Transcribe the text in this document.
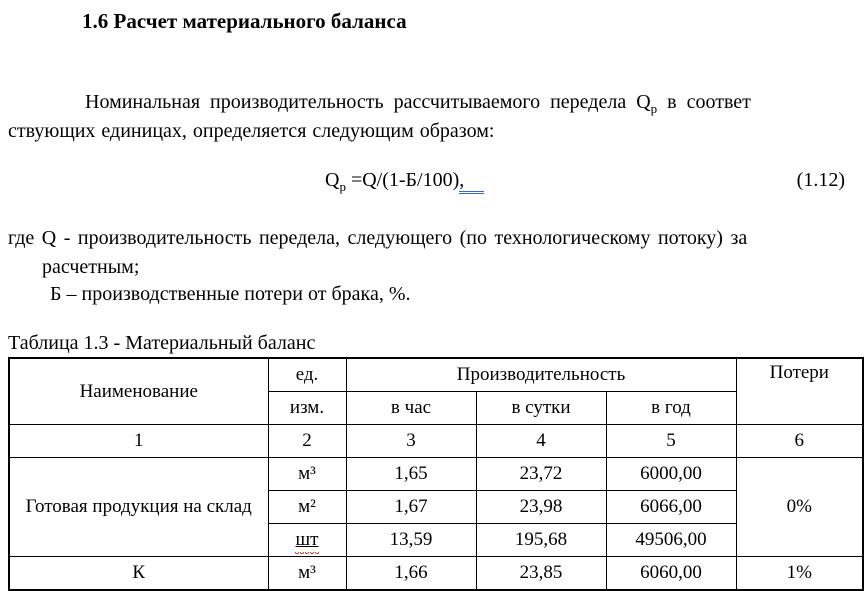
1.6 Расчет материального баланса
Номинальная производительность рассчитываемого передела $Q_р$ в соответ
ствующих единицах, определяется следующим образом:
$Q_p =Q/(1-Б/100)$,	(1.12)
где Q - производительность передела, следующего (по технологическому потоку) за
расчетным;
Б – производственные потери от брака, %.
Таблица 1.3 - Материальный баланс
Наименование	ед.	Производительность			Потери
	изм.	в час	в сутки	в год	
1	2	3	4	5	6
Готовая продукция на склад	м³	1,65	23,72	6000,00	0%
	м²	1,67	23,98	6066,00	
	шт	13,59	195,68	49506,00	
К	м³	1,66	23,85	6060,00	1%
